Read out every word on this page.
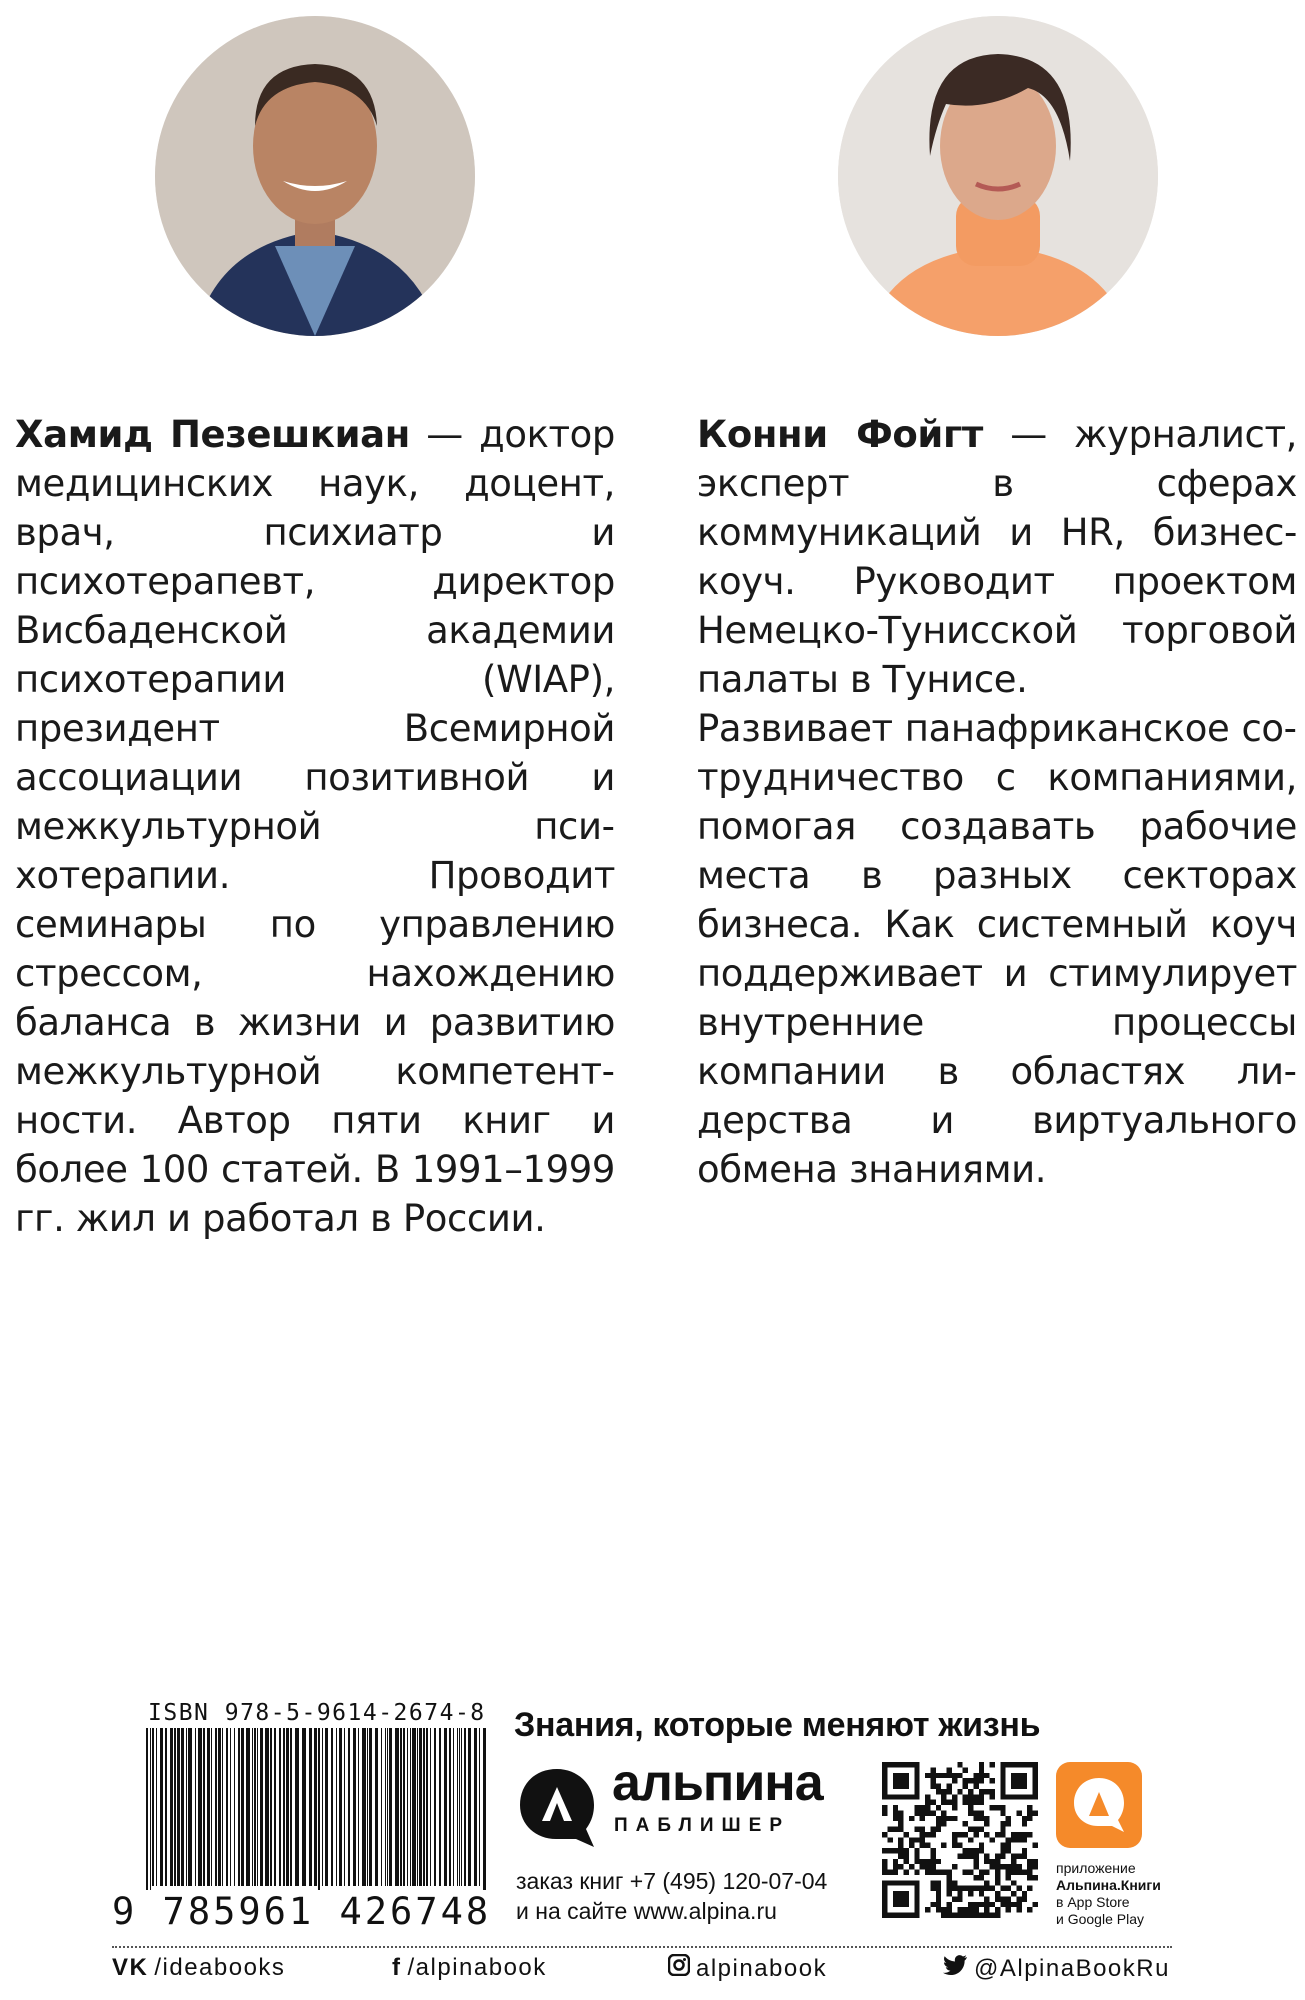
Хамид Пезешкиан — доктор медицинских наук, доцент, врач, психиатр и психотерапевт, директор Висбаденской академии психотерапии (WIAP), президент Всемирной ассоциации позитивной и межкультурной психотерапии. Проводит семинары по управлению стрессом, нахождению баланса в жизни и развитию межкультурной компетентности. Автор пяти книг и более 100 статей. В 1991–1999 гг. жил и работал в России.

Конни Фойгт — журналист, эксперт в сферах коммуникаций и HR, бизнес-коуч. Руководит проектом Немецко-Тунисской торговой палаты в Тунисе.

Развивает панафриканское сотрудничество с компаниями, помогая создавать рабочие места в разных секторах бизнеса. Как системный коуч поддерживает и стимулирует внутренние процессы компании в областях лидерства и виртуального обмена знаниями.

ISBN 978-5-9614-2674-8
9 785961 426748
Знания, которые меняют жизнь
альпина
ПАБЛИШЕР
заказ книг +7 (495) 120-07-04
и на сайте www.alpina.ru
приложение
Альпина.Книги
в App Store
и Google Play
VK /ideabooks	f /alpinabook	alpinabook	@AlpinaBookRu
